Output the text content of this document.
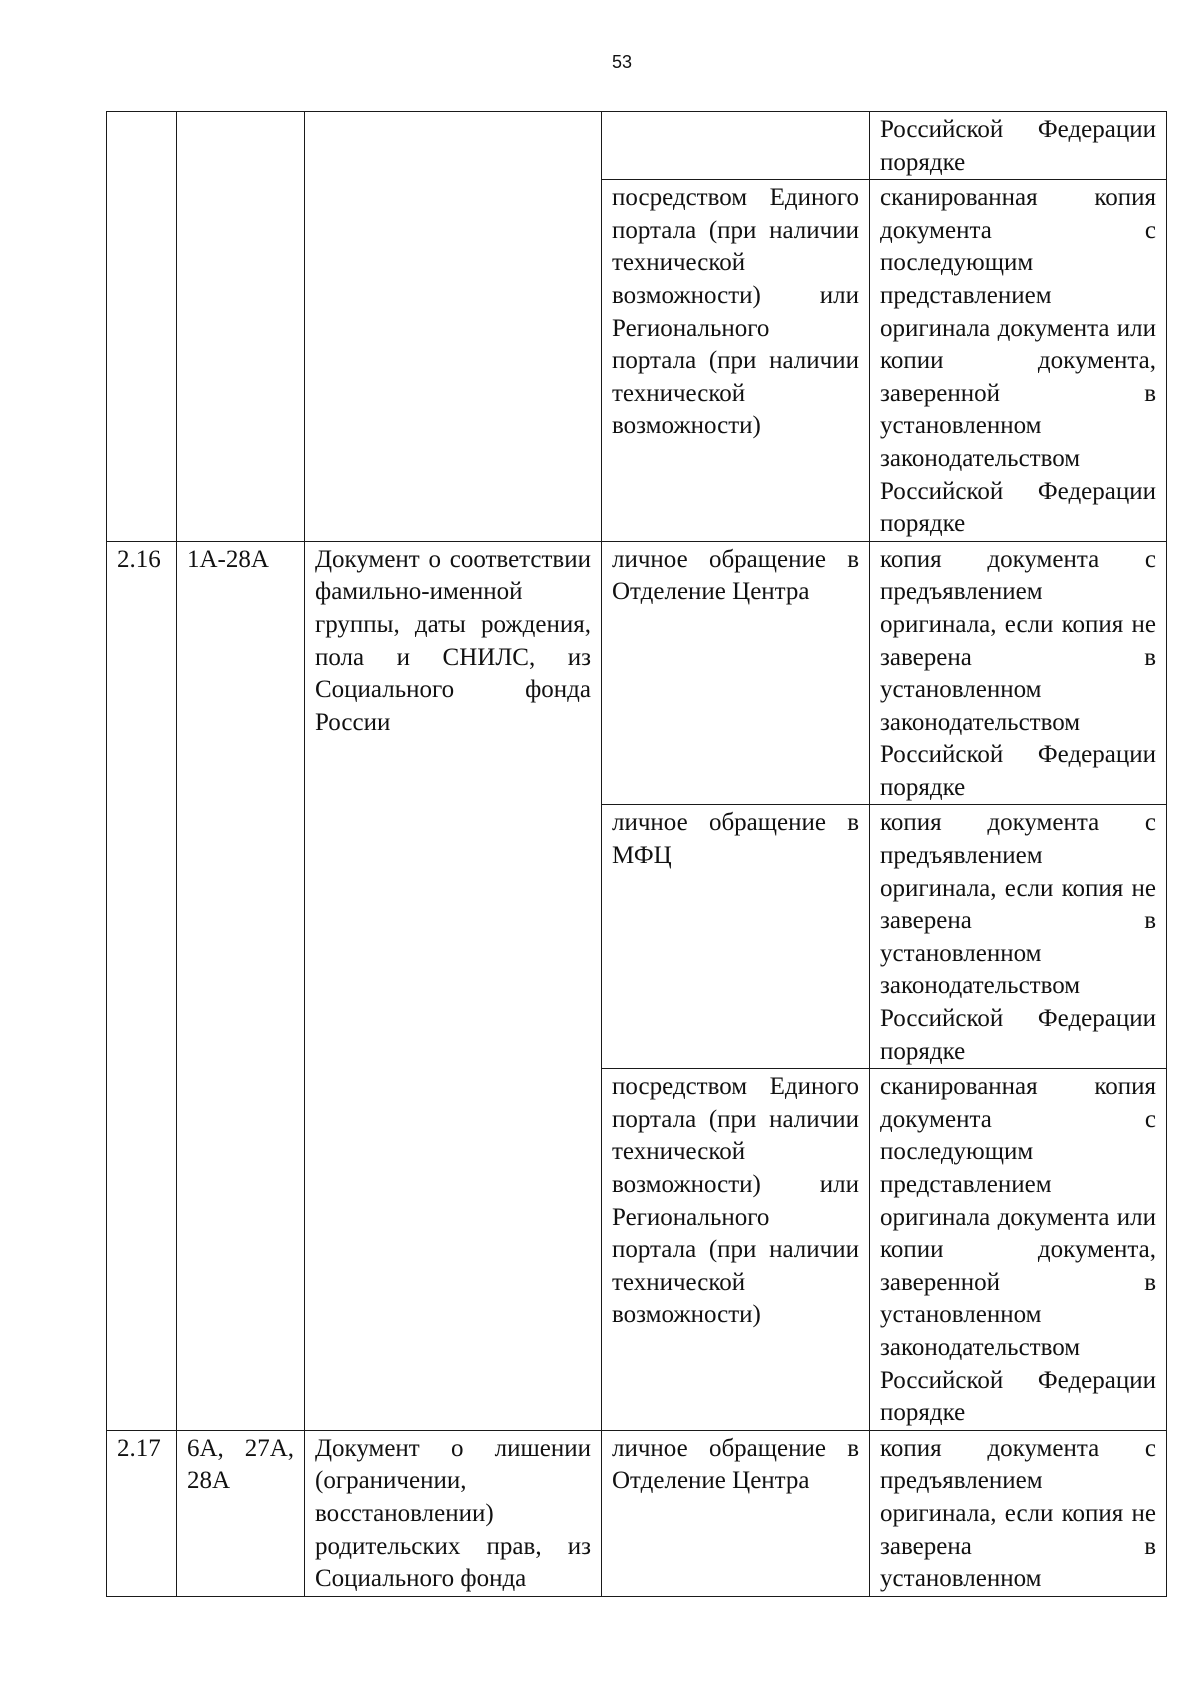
53

				Российской Федерации порядке

			посредством Единого портала (при наличии технической возможности) или Регионального портала (при наличии технической возможности)	сканированная копия документа с последующим представлением оригинала документа или копии документа, заверенной в установленном законодательством Российской Федерации порядке

2.16	1А-28А	Документ о соответствии фамильно-именной группы, даты рождения, пола и СНИЛС, из Социального фонда России	личное обращение в Отделение Центра	копия документа с предъявлением оригинала, если копия не заверена в установленном законодательством Российской Федерации порядке

			личное обращение в МФЦ	копия документа с предъявлением оригинала, если копия не заверена в установленном законодательством Российской Федерации порядке

			посредством Единого портала (при наличии технической возможности) или Регионального портала (при наличии технической возможности)	сканированная копия документа с последующим представлением оригинала документа или копии документа, заверенной в установленном законодательством Российской Федерации порядке

2.17	6А, 27А, 28А	Документ о лишении (ограничении, восстановлении) родительских прав, из Социального фонда	личное обращение в Отделение Центра	копия документа с предъявлением оригинала, если копия не заверена в установленном
